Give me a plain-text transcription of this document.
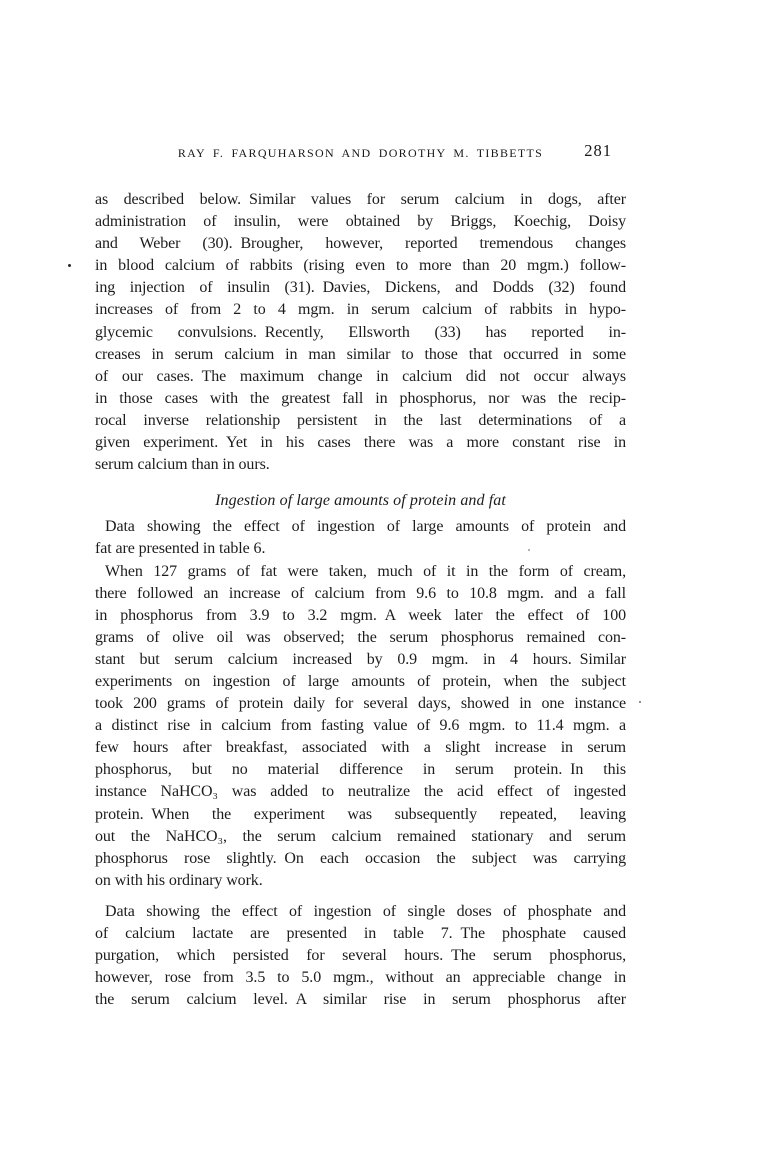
RAY F. FARQUHARSON AND DOROTHY M. TIBBETTS 281
as described below. Similar values for serum calcium in dogs, after
administration of insulin, were obtained by Briggs, Koechig, Doisy
and Weber (30). Brougher, however, reported tremendous changes
in blood calcium of rabbits (rising even to more than 20 mgm.) follow-
ing injection of insulin (31). Davies, Dickens, and Dodds (32) found
increases of from 2 to 4 mgm. in serum calcium of rabbits in hypo-
glycemic convulsions. Recently, Ellsworth (33) has reported in-
creases in serum calcium in man similar to those that occurred in some
of our cases. The maximum change in calcium did not occur always
in those cases with the greatest fall in phosphorus, nor was the recip-
rocal inverse relationship persistent in the last determinations of a
given experiment. Yet in his cases there was a more constant rise in
serum calcium than in ours.
Ingestion of large amounts of protein and fat
Data showing the effect of ingestion of large amounts of protein and
fat are presented in table 6.
When 127 grams of fat were taken, much of it in the form of cream,
there followed an increase of calcium from 9.6 to 10.8 mgm. and a fall
in phosphorus from 3.9 to 3.2 mgm. A week later the effect of 100
grams of olive oil was observed; the serum phosphorus remained con-
stant but serum calcium increased by 0.9 mgm. in 4 hours. Similar
experiments on ingestion of large amounts of protein, when the subject
took 200 grams of protein daily for several days, showed in one instance
a distinct rise in calcium from fasting value of 9.6 mgm. to 11.4 mgm. a
few hours after breakfast, associated with a slight increase in serum
phosphorus, but no material difference in serum protein. In this
instance NaHCO₃ was added to neutralize the acid effect of ingested
protein. When the experiment was subsequently repeated, leaving
out the NaHCO₃, the serum calcium remained stationary and serum
phosphorus rose slightly. On each occasion the subject was carrying
on with his ordinary work.
Data showing the effect of ingestion of single doses of phosphate and
of calcium lactate are presented in table 7. The phosphate caused
purgation, which persisted for several hours. The serum phosphorus,
however, rose from 3.5 to 5.0 mgm., without an appreciable change in
the serum calcium level. A similar rise in serum phosphorus after
